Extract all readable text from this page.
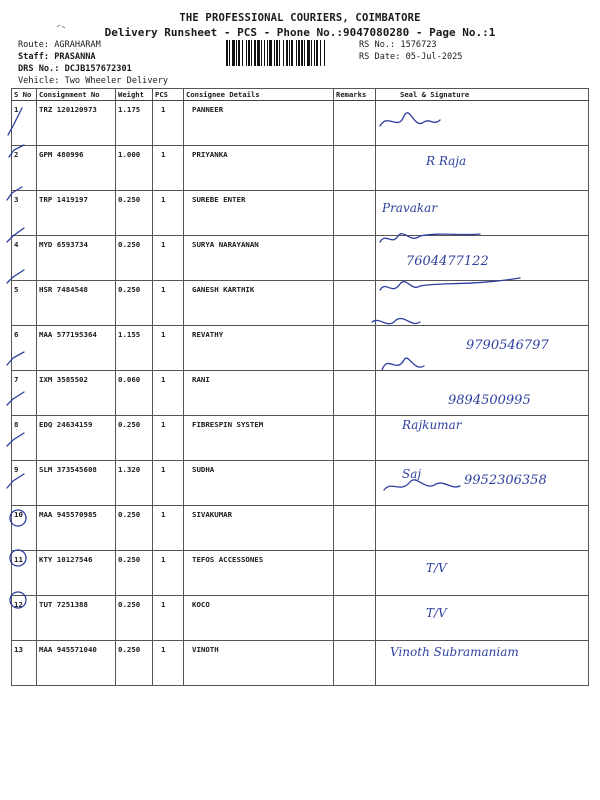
THE PROFESSIONAL COURIERS, COIMBATORE
Delivery Runsheet - PCS - Phone No.:9047080280 - Page No.:1
Route: AGRAHARAM
Staff: PRASANNA
DRS No.: DCJB157672301
Vehicle: Two Wheeler Delivery
RS No.: 1576723
RS Date: 05-Jul-2025
S No	Consignment No	Weight	PCS	Consignee Details	Remarks	Seal & Signature
1	TRZ 120120973	1.175	1	PANNEER		

2	GPM 480996	1.000	1	PRIYANKA		R Raja

3	TRP 1419197	0.250	1	SUREBE ENTER		Pravakar

4	MYD 6593734	0.250	1	SURYA NARAYANAN		7604477122

5	HSR 7484548	0.250	1	GANESH KARTHIK		

6	MAA 577195364	1.155	1	REVATHY		9790546797

7	IXM 3585502	0.060	1	RANI		9894500995

8	EDQ 24634159	0.250	1	FIBRESPIN SYSTEM		Rajkumar

9	SLM 373545608	1.320	1	SUDHA		Saj 9952306358

10	MAA 945570985	0.250	1	SIVAKUMAR		

11	KTY 10127546	0.250	1	TEFOS ACCESSONES		T/V

12	TUT 7251388	0.250	1	KOCO		T/V

13	MAA 945571040	0.250	1	VINOTH		Vinoth Subramaniam
